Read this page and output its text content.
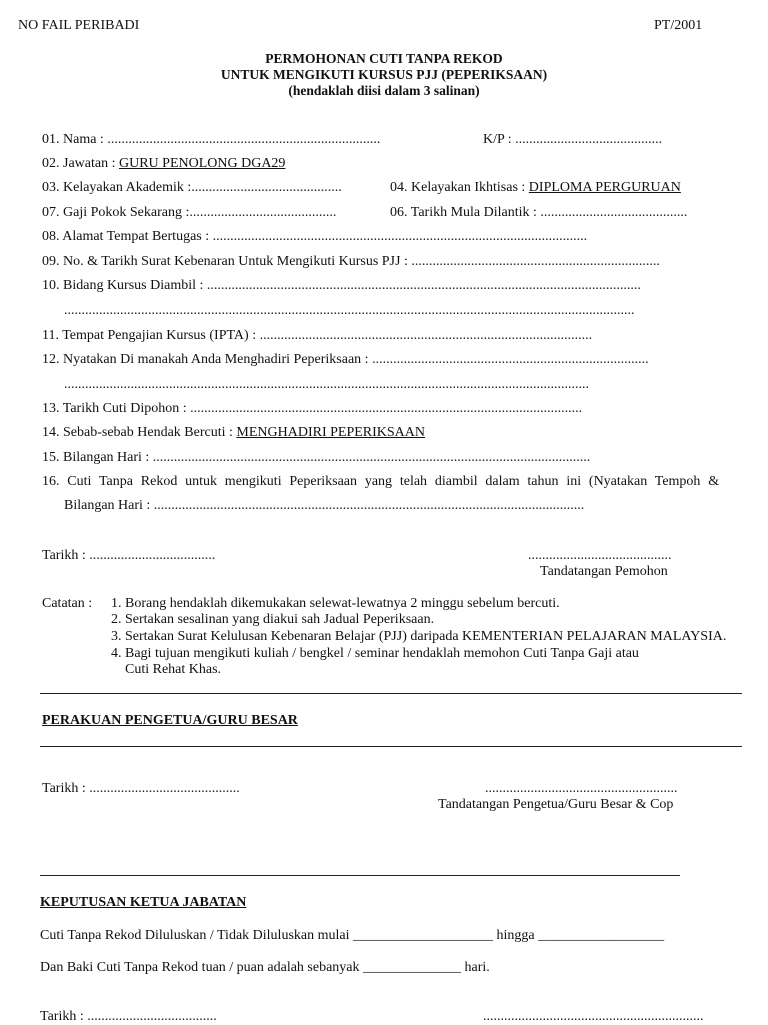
NO FAIL PERIBADI	PT/2001
PERMOHONAN CUTI TANPA REKOD
UNTUK MENGIKUTI KURSUS PJJ (PEPERIKSAAN)
(hendaklah diisi dalam 3 salinan)
01. Nama : ..............................................................................	K/P : ..........................................
02. Jawatan : GURU PENOLONG DGA29
03. Kelayakan Akademik :...........................................	04. Kelayakan Ikhtisas : DIPLOMA PERGURUAN
07. Gaji Pokok Sekarang :..........................................	06. Tarikh Mula Dilantik : ..........................................
08. Alamat Tempat Bertugas : ...........................................................................................................
09. No. & Tarikh Surat Kebenaran Untuk Mengikuti Kursus PJJ : .......................................................................
10. Bidang Kursus Diambil : ............................................................................................................................
...................................................................................................................................................................
11. Tempat Pengajian Kursus (IPTA) : ...............................................................................................
12. Nyatakan Di manakah Anda Menghadiri Peperiksaan : ...............................................................................
......................................................................................................................................................
13. Tarikh Cuti Dipohon : ................................................................................................................
14. Sebab-sebab Hendak Bercuti : MENGHADIRI PEPERIKSAAN
15. Bilangan Hari : .............................................................................................................................
16. Cuti Tanpa Rekod untuk mengikuti Peperiksaan yang telah diambil dalam tahun ini (Nyatakan Tempoh &
Bilangan Hari : ...........................................................................................................................
Tarikh : ....................................	.........................................
Tandatangan Pemohon
Catatan : 1. Borang hendaklah dikemukakan selewat-lewatnya 2 minggu sebelum bercuti.
2. Sertakan sesalinan yang diakui sah Jadual Peperiksaan.
3. Sertakan Surat Kelulusan Kebenaran Belajar (PJJ) daripada KEMENTERIAN PELAJARAN MALAYSIA.
4. Bagi tujuan mengikuti kuliah / bengkel / seminar hendaklah memohon Cuti Tanpa Gaji atau
Cuti Rehat Khas.
PERAKUAN PENGETUA/GURU BESAR
Tarikh : ...........................................	.......................................................
Tandatangan Pengetua/Guru Besar & Cop
KEPUTUSAN KETUA JABATAN
Cuti Tanpa Rekod Diluluskan / Tidak Diluluskan mulai ____________________ hingga __________________
Dan Baki Cuti Tanpa Rekod tuan / puan adalah sebanyak ______________ hari.
Tarikh : .....................................	...............................................................
